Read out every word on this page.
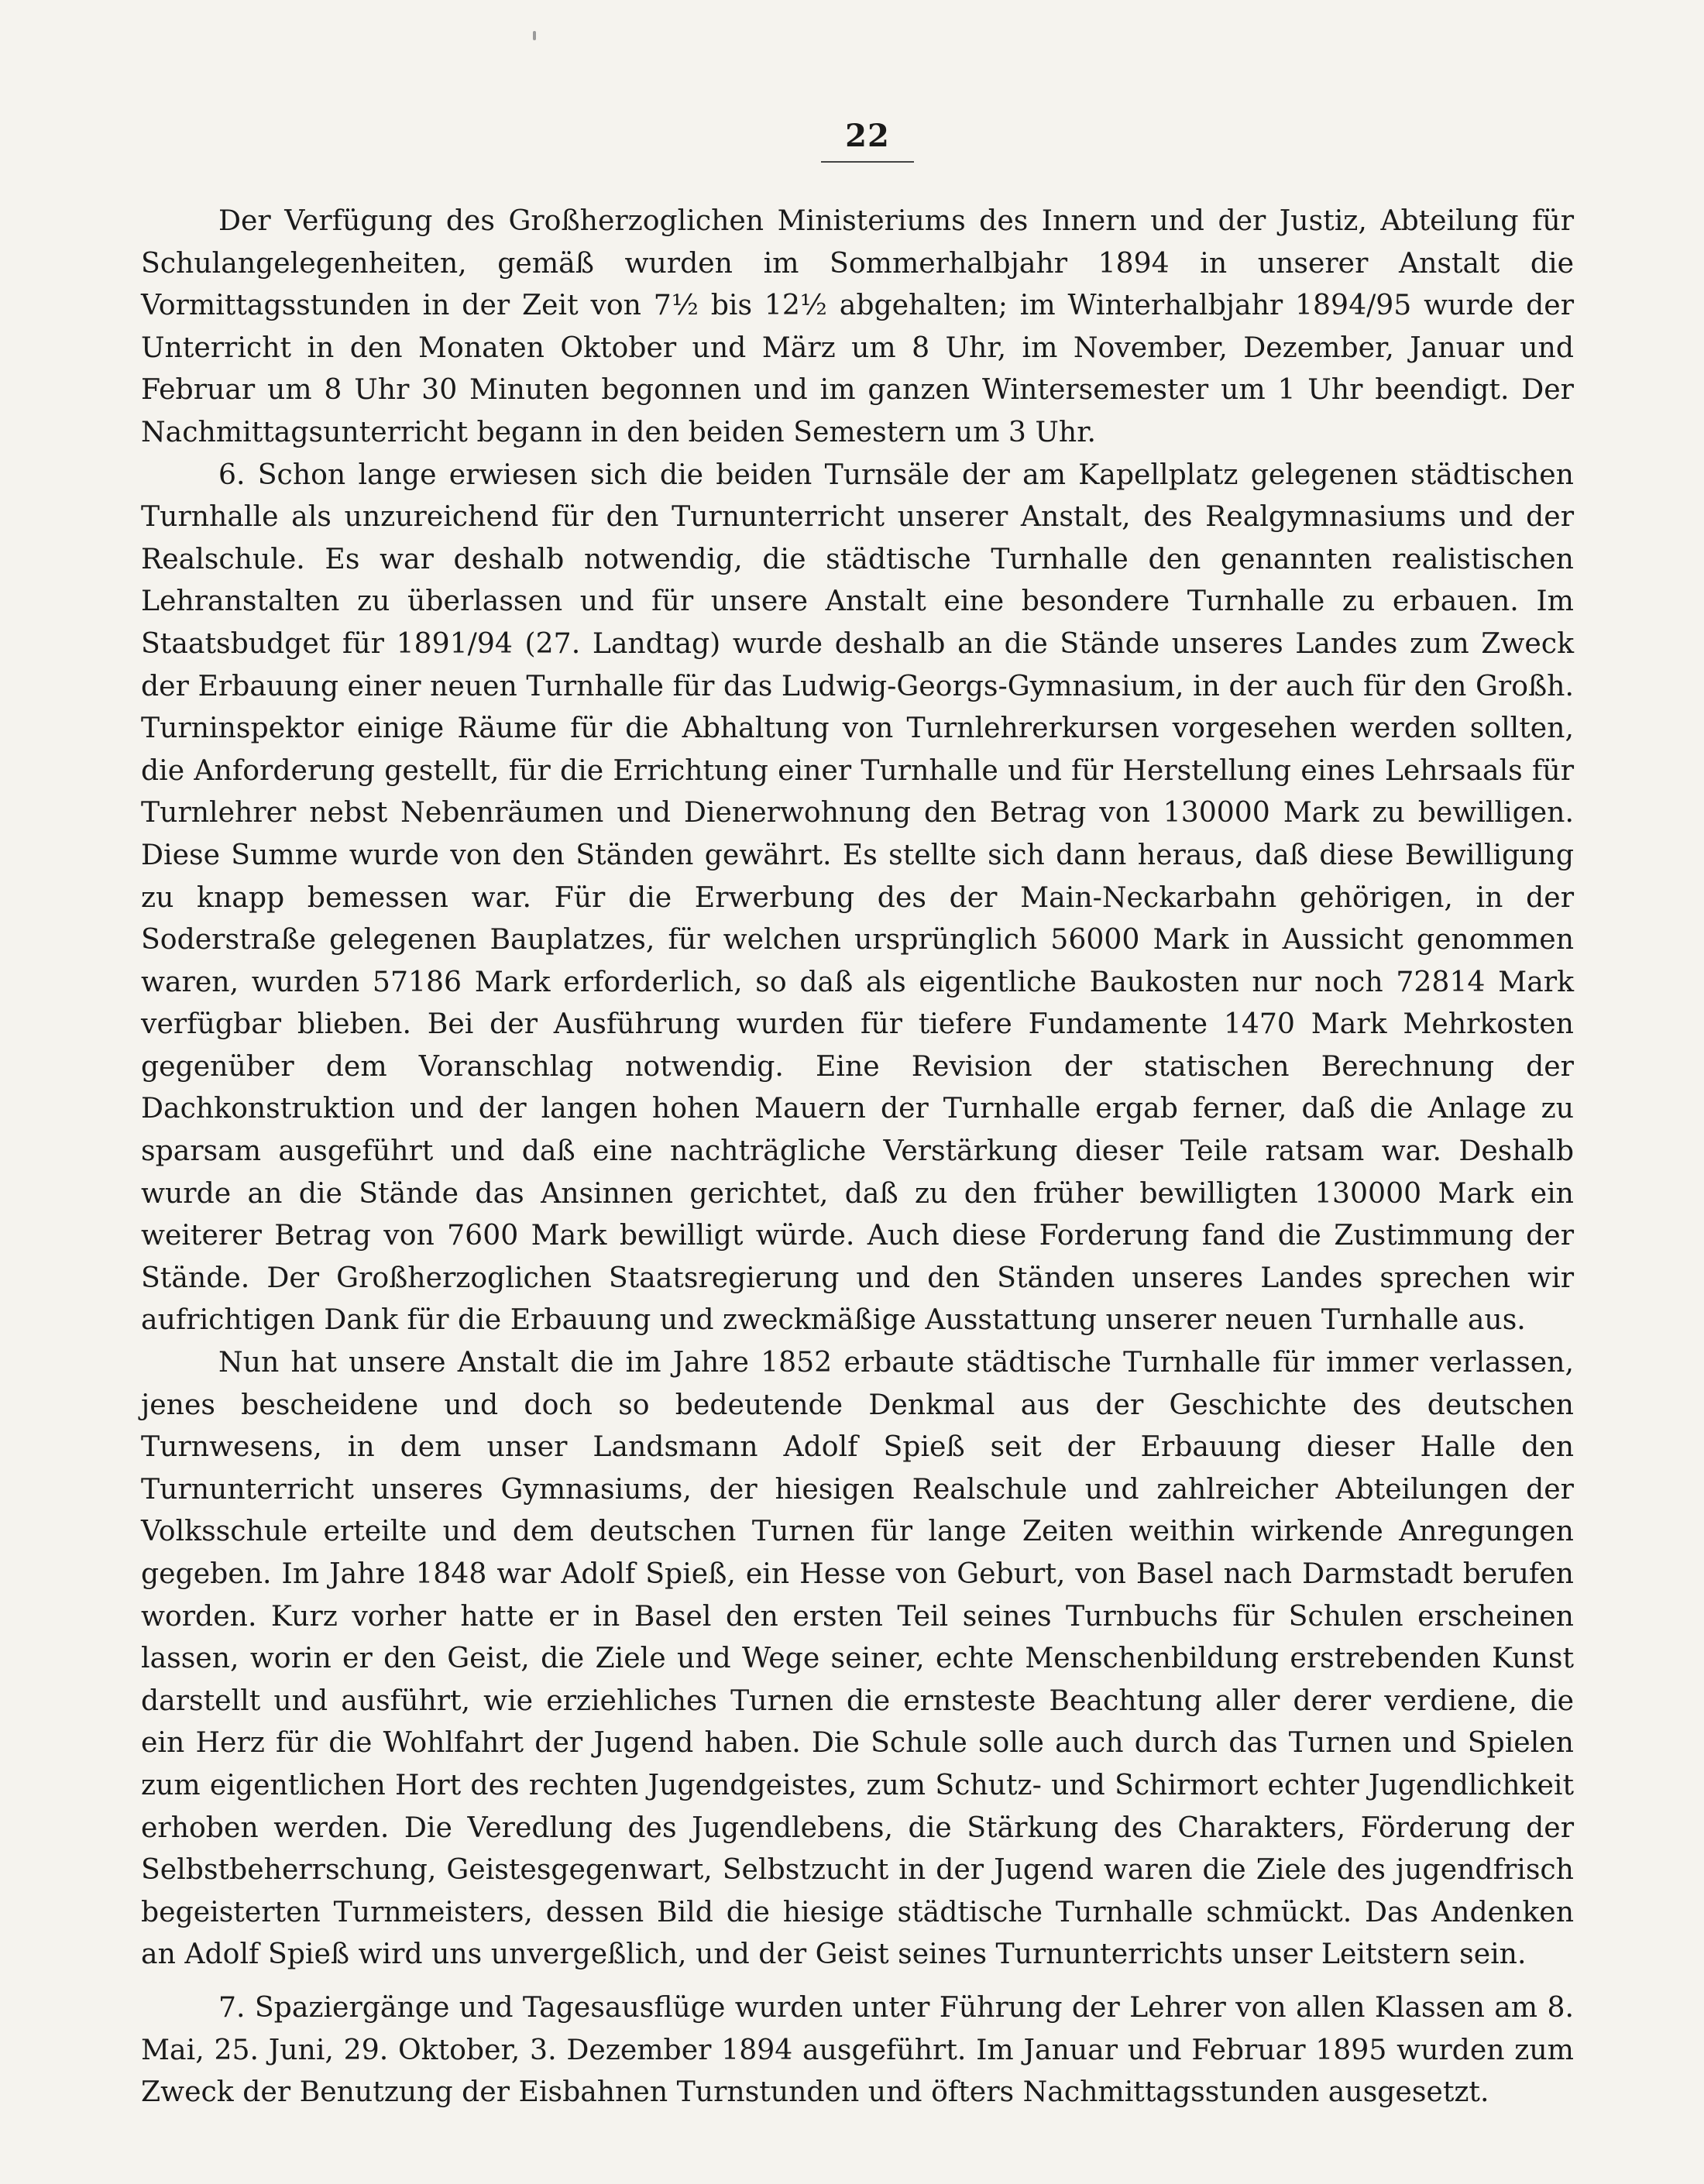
22

Der Verfügung des Großherzoglichen Ministeriums des Innern und der Justiz, Abteilung für Schulangelegenheiten, gemäß wurden im Sommerhalbjahr 1894 in unserer Anstalt die Vormittagsstunden in der Zeit von 7½ bis 12½ abgehalten; im Winterhalbjahr 1894/95 wurde der Unterricht in den Monaten Oktober und März um 8 Uhr, im November, Dezember, Januar und Februar um 8 Uhr 30 Minuten begonnen und im ganzen Wintersemester um 1 Uhr beendigt. Der Nachmittagsunterricht begann in den beiden Semestern um 3 Uhr.

6. Schon lange erwiesen sich die beiden Turnsäle der am Kapellplatz gelegenen städtischen Turnhalle als unzureichend für den Turnunterricht unserer Anstalt, des Realgymnasiums und der Realschule. Es war deshalb notwendig, die städtische Turnhalle den genannten realistischen Lehranstalten zu überlassen und für unsere Anstalt eine besondere Turnhalle zu erbauen. Im Staatsbudget für 1891/94 (27. Landtag) wurde deshalb an die Stände unseres Landes zum Zweck der Erbauung einer neuen Turnhalle für das Ludwig-Georgs-Gymnasium, in der auch für den Großh. Turninspektor einige Räume für die Abhaltung von Turnlehrerkursen vorgesehen werden sollten, die Anforderung gestellt, für die Errichtung einer Turnhalle und für Herstellung eines Lehrsaals für Turnlehrer nebst Nebenräumen und Dienerwohnung den Betrag von 130000 Mark zu bewilligen. Diese Summe wurde von den Ständen gewährt. Es stellte sich dann heraus, daß diese Bewilligung zu knapp bemessen war. Für die Erwerbung des der Main-Neckarbahn gehörigen, in der Soderstraße gelegenen Bauplatzes, für welchen ursprünglich 56000 Mark in Aussicht genommen waren, wurden 57186 Mark erforderlich, so daß als eigentliche Baukosten nur noch 72814 Mark verfügbar blieben. Bei der Ausführung wurden für tiefere Fundamente 1470 Mark Mehrkosten gegenüber dem Voranschlag notwendig. Eine Revision der statischen Berechnung der Dachkonstruktion und der langen hohen Mauern der Turnhalle ergab ferner, daß die Anlage zu sparsam ausgeführt und daß eine nachträgliche Verstärkung dieser Teile ratsam war. Deshalb wurde an die Stände das Ansinnen gerichtet, daß zu den früher bewilligten 130000 Mark ein weiterer Betrag von 7600 Mark bewilligt würde. Auch diese Forderung fand die Zustimmung der Stände. Der Großherzoglichen Staatsregierung und den Ständen unseres Landes sprechen wir aufrichtigen Dank für die Erbauung und zweckmäßige Ausstattung unserer neuen Turnhalle aus.

Nun hat unsere Anstalt die im Jahre 1852 erbaute städtische Turnhalle für immer verlassen, jenes bescheidene und doch so bedeutende Denkmal aus der Geschichte des deutschen Turnwesens, in dem unser Landsmann Adolf Spieß seit der Erbauung dieser Halle den Turnunterricht unseres Gymnasiums, der hiesigen Realschule und zahlreicher Abteilungen der Volksschule erteilte und dem deutschen Turnen für lange Zeiten weithin wirkende Anregungen gegeben. Im Jahre 1848 war Adolf Spieß, ein Hesse von Geburt, von Basel nach Darmstadt berufen worden. Kurz vorher hatte er in Basel den ersten Teil seines Turnbuchs für Schulen erscheinen lassen, worin er den Geist, die Ziele und Wege seiner, echte Menschenbildung erstrebenden Kunst darstellt und ausführt, wie erziehliches Turnen die ernsteste Beachtung aller derer verdiene, die ein Herz für die Wohlfahrt der Jugend haben. Die Schule solle auch durch das Turnen und Spielen zum eigentlichen Hort des rechten Jugendgeistes, zum Schutz- und Schirmort echter Jugendlichkeit erhoben werden. Die Veredlung des Jugendlebens, die Stärkung des Charakters, Förderung der Selbstbeherrschung, Geistesgegenwart, Selbstzucht in der Jugend waren die Ziele des jugendfrisch begeisterten Turnmeisters, dessen Bild die hiesige städtische Turnhalle schmückt. Das Andenken an Adolf Spieß wird uns unvergeßlich, und der Geist seines Turnunterrichts unser Leitstern sein.

7. Spaziergänge und Tagesausflüge wurden unter Führung der Lehrer von allen Klassen am 8. Mai, 25. Juni, 29. Oktober, 3. Dezember 1894 ausgeführt. Im Januar und Februar 1895 wurden zum Zweck der Benutzung der Eisbahnen Turnstunden und öfters Nachmittagsstunden ausgesetzt.
